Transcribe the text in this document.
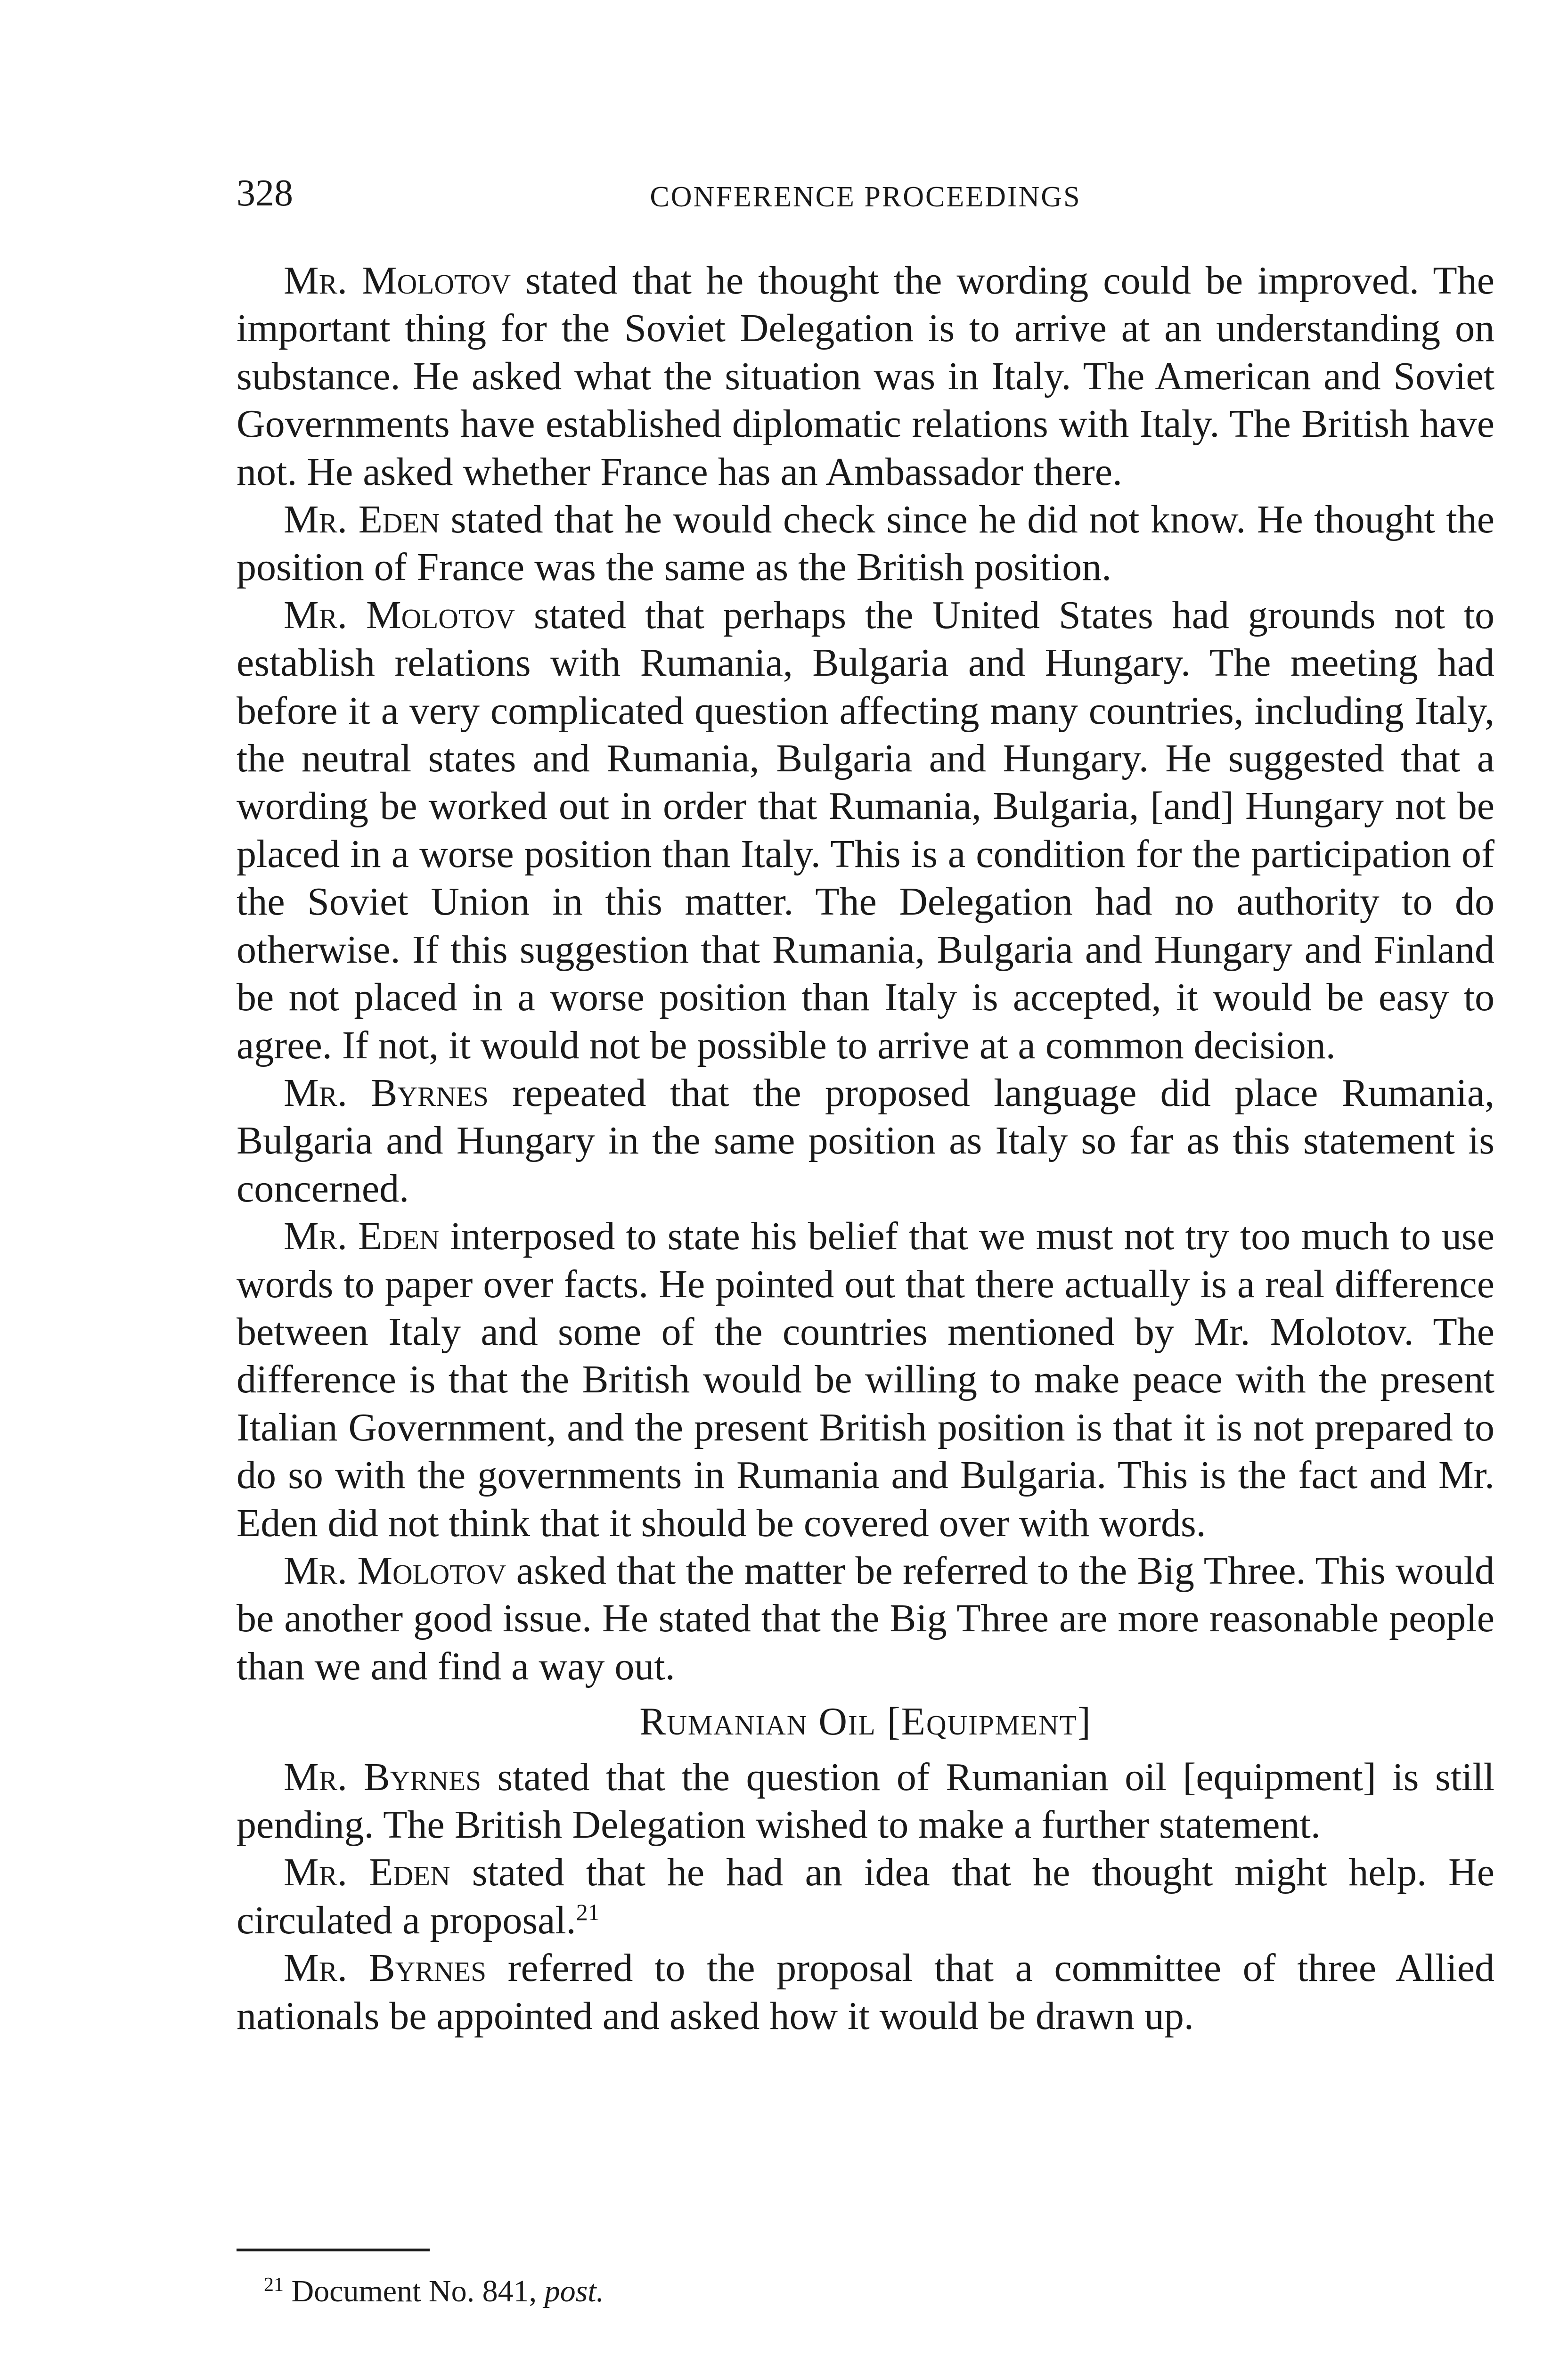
328	CONFERENCE PROCEEDINGS

Mr. Molotov stated that he thought the wording could be improved. The important thing for the Soviet Delegation is to arrive at an understanding on substance. He asked what the situation was in Italy. The American and Soviet Governments have established diplomatic relations with Italy. The British have not. He asked whether France has an Ambassador there.

Mr. Eden stated that he would check since he did not know. He thought the position of France was the same as the British position.

Mr. Molotov stated that perhaps the United States had grounds not to establish relations with Rumania, Bulgaria and Hungary. The meeting had before it a very complicated question affecting many countries, including Italy, the neutral states and Rumania, Bulgaria and Hungary. He suggested that a wording be worked out in order that Rumania, Bulgaria, [and] Hungary not be placed in a worse position than Italy. This is a condition for the participation of the Soviet Union in this matter. The Delegation had no authority to do otherwise. If this suggestion that Rumania, Bulgaria and Hungary and Finland be not placed in a worse position than Italy is accepted, it would be easy to agree. If not, it would not be possible to arrive at a common decision.

Mr. Byrnes repeated that the proposed language did place Rumania, Bulgaria and Hungary in the same position as Italy so far as this statement is concerned.

Mr. Eden interposed to state his belief that we must not try too much to use words to paper over facts. He pointed out that there actually is a real difference between Italy and some of the countries mentioned by Mr. Molotov. The difference is that the British would be willing to make peace with the present Italian Government, and the present British position is that it is not prepared to do so with the governments in Rumania and Bulgaria. This is the fact and Mr. Eden did not think that it should be covered over with words.

Mr. Molotov asked that the matter be referred to the Big Three. This would be another good issue. He stated that the Big Three are more reasonable people than we and find a way out.

Rumanian Oil [Equipment]

Mr. Byrnes stated that the question of Rumanian oil [equipment] is still pending. The British Delegation wished to make a further statement.

Mr. Eden stated that he had an idea that he thought might help. He circulated a proposal.$^{21}$

Mr. Byrnes referred to the proposal that a committee of three Allied nationals be appointed and asked how it would be drawn up.

$^{21}$ Document No. 841, post.
